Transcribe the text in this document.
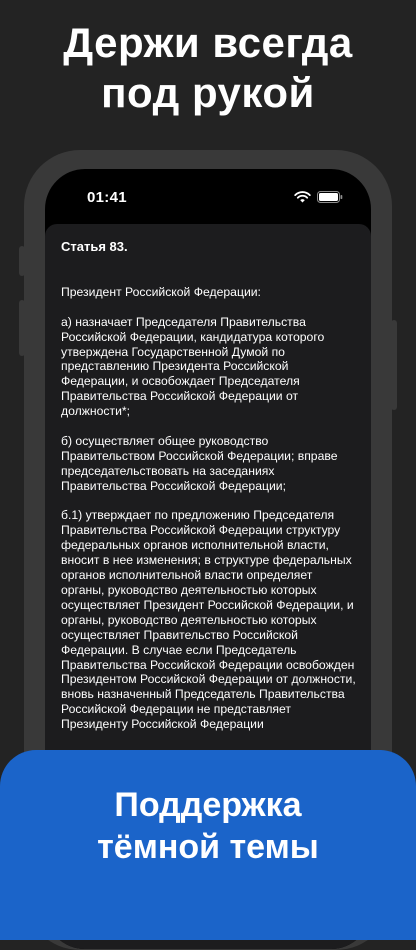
Держи всегда
под рукой
01:41
Статья 83.
Президент Российской Федерации:
а) назначает Председателя Правительства Российской Федерации, кандидатура которого утверждена Государственной Думой по представлению Президента Российской Федерации, и освобождает Председателя Правительства Российской Федерации от должности*;
б) осуществляет общее руководство Правительством Российской Федерации; вправе председательствовать на заседаниях Правительства Российской Федерации;
б.1) утверждает по предложению Председателя Правительства Российской Федерации структуру федеральных органов исполнительной власти, вносит в нее изменения; в структуре федеральных органов исполнительной власти определяет органы, руководство деятельностью которых осуществляет Президент Российской Федерации, и органы, руководство деятельностью которых осуществляет Правительство Российской Федерации. В случае если Председатель Правительства Российской Федерации освобожден Президентом Российской Федерации от должности, вновь назначенный Председатель Правительства Российской Федерации не представляет Президенту Российской Федерации
Поддержка
тёмной темы
